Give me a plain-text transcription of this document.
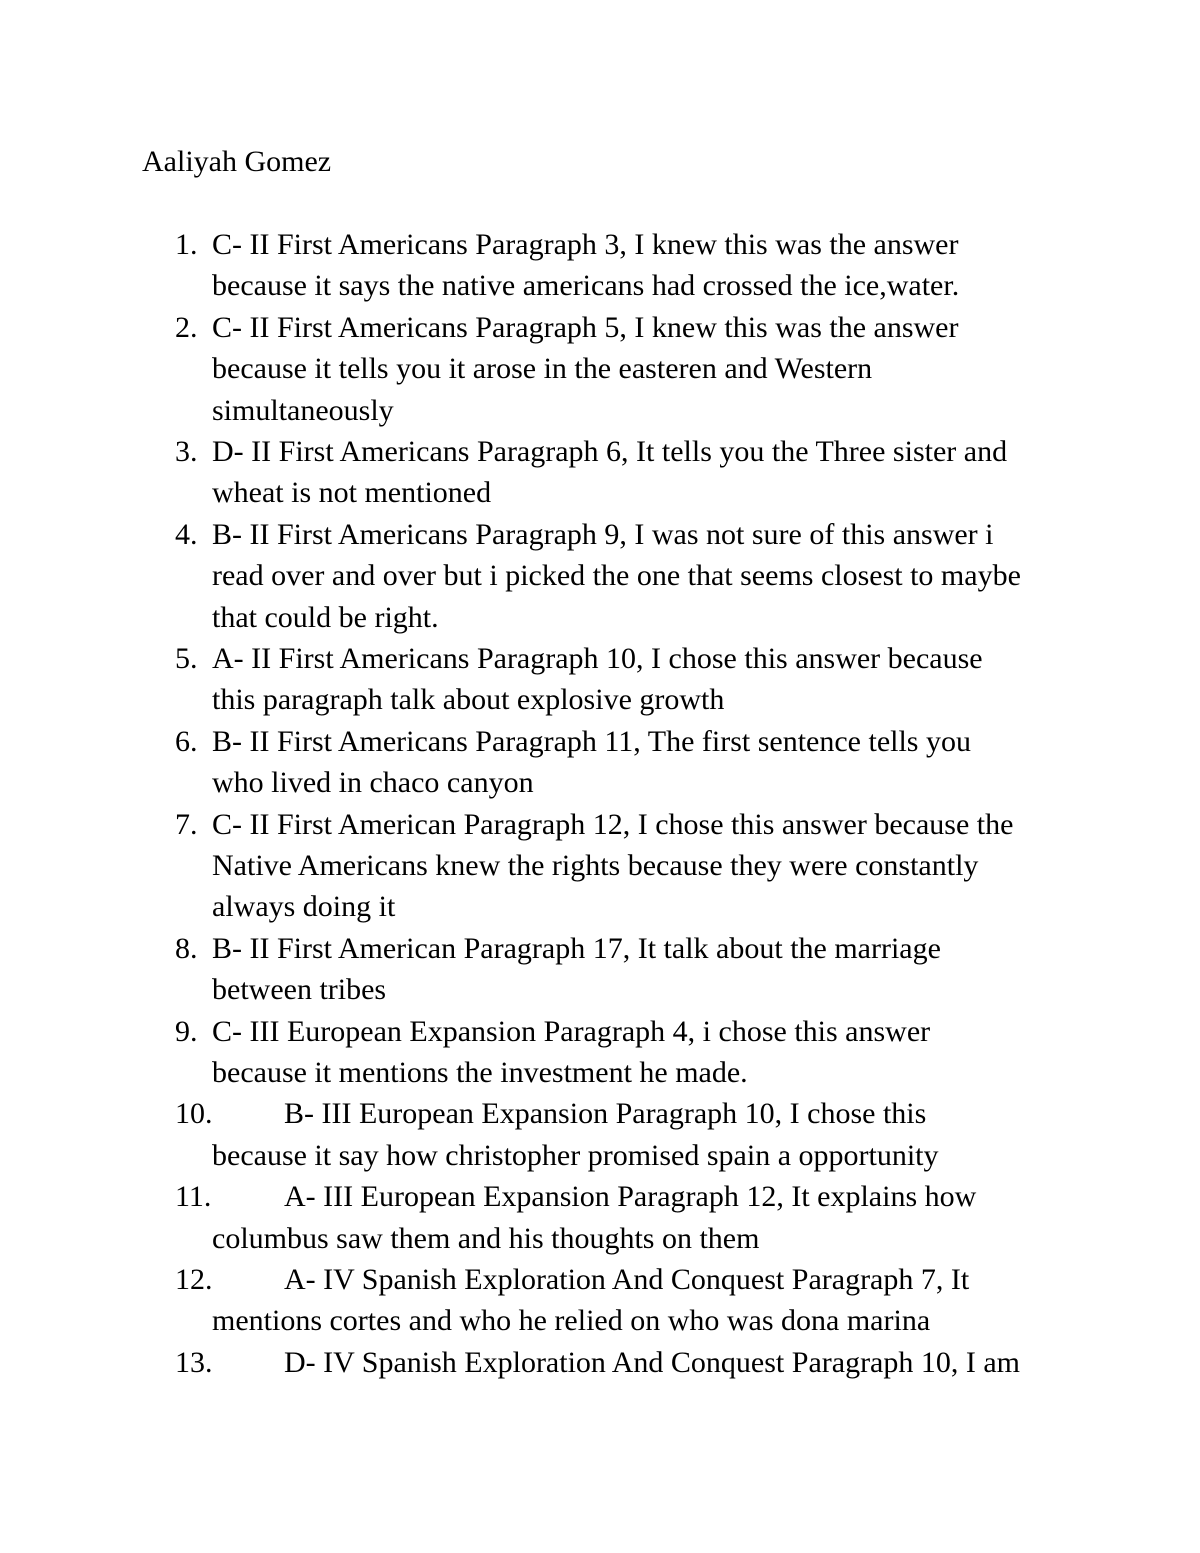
Aaliyah Gomez
1. C- II First Americans Paragraph 3, I knew this was the answer
because it says the native americans had crossed the ice,water.
2. C- II First Americans Paragraph 5, I knew this was the answer
because it tells you it arose in the easteren and Western
simultaneously
3. D- II First Americans Paragraph 6, It tells you the Three sister and
wheat is not mentioned
4. B- II First Americans Paragraph 9, I was not sure of this answer i
read over and over but i picked the one that seems closest to maybe
that could be right.
5. A- II First Americans Paragraph 10, I chose this answer because
this paragraph talk about explosive growth
6. B- II First Americans Paragraph 11, The first sentence tells you
who lived in chaco canyon
7. C- II First American Paragraph 12, I chose this answer because the
Native Americans knew the rights because they were constantly
always doing it
8. B- II First American Paragraph 17, It talk about the marriage
between tribes
9. C- III European Expansion Paragraph 4, i chose this answer
because it mentions the investment he made.
10. B- III European Expansion Paragraph 10, I chose this
because it say how christopher promised spain a opportunity
11. A- III European Expansion Paragraph 12, It explains how
columbus saw them and his thoughts on them
12. A- IV Spanish Exploration And Conquest Paragraph 7, It
mentions cortes and who he relied on who was dona marina
13. D- IV Spanish Exploration And Conquest Paragraph 10, I am
